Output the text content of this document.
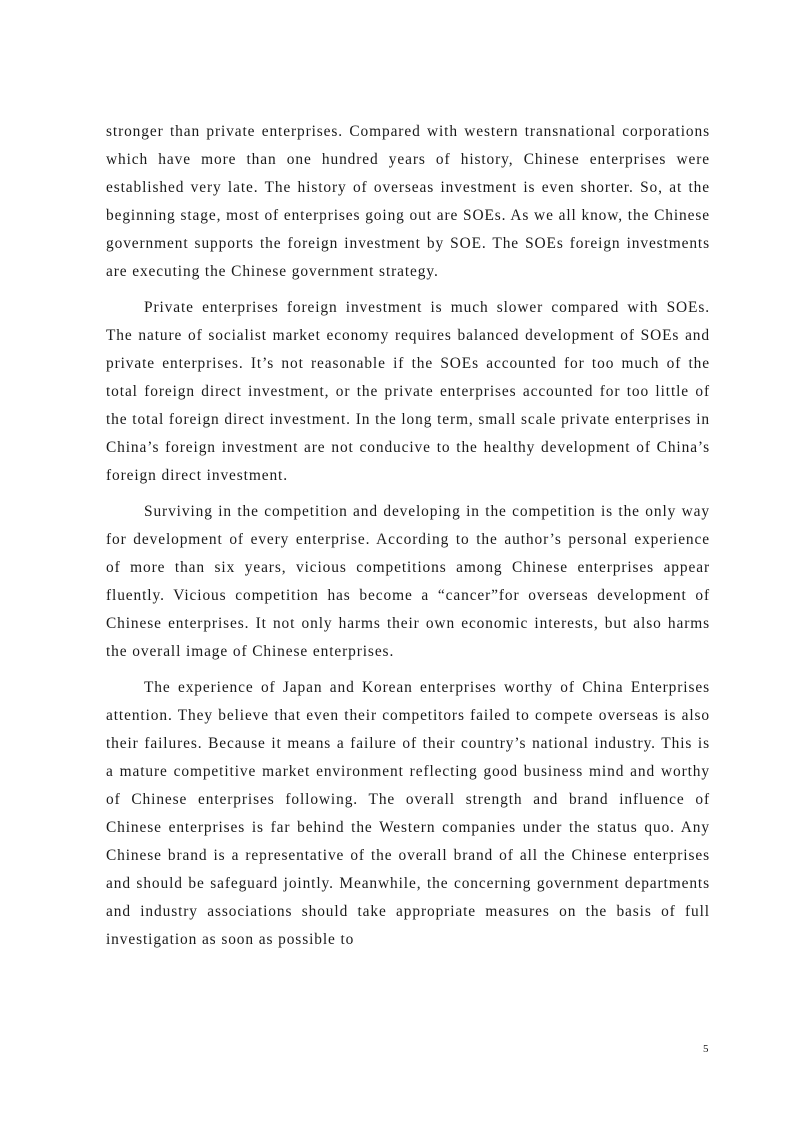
stronger than private enterprises. Compared with western transnational corporations which have more than one hundred years of history, Chinese enterprises were established very late. The history of overseas investment is even shorter. So, at the beginning stage, most of enterprises going out are SOEs. As we all know, the Chinese government supports the foreign investment by SOE. The SOEs foreign investments are executing the Chinese government strategy.

Private enterprises foreign investment is much slower compared with SOEs. The nature of socialist market economy requires balanced development of SOEs and private enterprises. It’s not reasonable if the SOEs accounted for too much of the total foreign direct investment, or the private enterprises accounted for too little of the total foreign direct investment. In the long term, small scale private enterprises in China’s foreign investment are not conducive to the healthy development of China’s foreign direct investment.

Surviving in the competition and developing in the competition is the only way for development of every enterprise. According to the author’s personal experience of more than six years, vicious competitions among Chinese enterprises appear fluently. Vicious competition has become a “cancer”for overseas development of Chinese enterprises. It not only harms their own economic interests, but also harms the overall image of Chinese enterprises.

The experience of Japan and Korean enterprises worthy of China Enterprises attention. They believe that even their competitors failed to compete overseas is also their failures. Because it means a failure of their country’s national industry. This is a mature competitive market environment reflecting good business mind and worthy of Chinese enterprises following. The overall strength and brand influence of Chinese enterprises is far behind the Western companies under the status quo. Any Chinese brand is a representative of the overall brand of all the Chinese enterprises and should be safeguard jointly. Meanwhile, the concerning government departments and industry associations should take appropriate measures on the basis of full investigation as soon as possible to

5
